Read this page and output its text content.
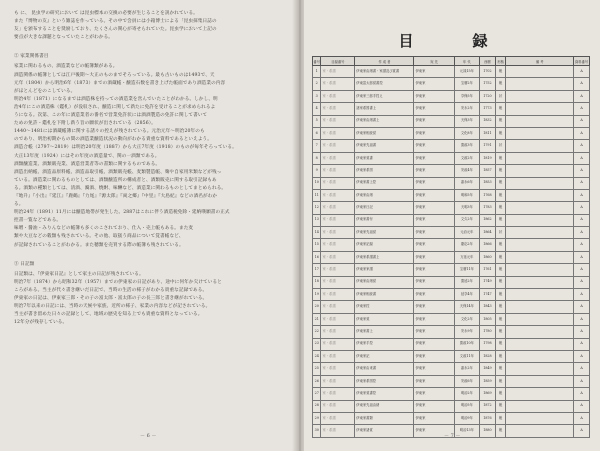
も に、 昆虫学の研究において は昆虫標本の交換の必要が生じることを説かれている。
また『博物の友』という雑誌を作っている。その中で会員には小箱博士による「昆虫採集日誌の
友」を頒布することを奨励しており、たくさんの関心が寄せられていた。昆虫学において上記の
要点が大きな課題となっていたことがわかる。
② 家業関係書目
家業に関わるもの、酒造業などの帳簿類がある。
酒造関係の帳簿としては江戸後期〜大正のものまでそろっている。最も古いものは1493で、天
元年（1804）から明治6年（1873）までの酒蔵帳・醸造石数を書き上げた帳面であり酒造業の内容
がほとんどをのこしている。
明治4年（1871）になるまでは酒造株を持っての酒造業を営んでいたことがわかる。しかし、明
治4年にこの酒造株（鑑札）が没収され、醸造に関して新たに免許を受けることが求められるよ
うになる。次第、この年に酒造業者の番名で営業免許状には酒酒製造の免許に関して書いて
ための免許・鑑札を下附し新う旨の願状が出されている（2856）。
1440〜1481には酒蔵帳簿に関する諸々の控えが残されている。元治元年〜明治20年のも
のであり、明治初期からの間の酒造業醸造状況の動向がわかる貴重な資料であるといえよう。
酒造合帳（2797〜2819）は明治20年度（1887）から大正7年度（1918）のものが毎年そろっている。
大正13年度（1924）にはその年度の酒造量で、関の一酒類である。
酒類醸造業、酒類販売業、酒造営業者等の書類に関するものである。
酒造出納帳、酒造品原料帳、酒造品取引帳、酒類販売帳、麦類製造帳、麹や自家用米類などが残っ
ている。酒造業に関わるものとしては、酒類醸造所の構成者と、酒類販売に関する取引記録もあ
る。酒類の種類としては、清酒、濁酒、焼酎、味醂など、酒造業に関わるものとしてまとめられる。
『地升』『小出』『延江』『鹿鶴』『力尾』『源太郎』『両之郷』『中里』『大島紀』などの酒名がわか
る。
明治24年（1891）11月には醸造地帯が発生した。2887はこれに伴う酒造税免除・延納嘆願書の正式
控書一覧などである。
味噌・醤油・みりんなどの帳簿も多くのこされており、仕入・売上帳もある。また麦
類や大豆などの穀類も残されている。その他、取扱う商品について覚書帳など、
が記録されていることがわかる。また穂類を売買する際の帳簿も残されている。
③ 日記類
日記類は、『伊東家日記』として家主の日記が残されている。
明治7年（1874）から昭和32年（1957）までの伊東家の日記があり、途中に何年か欠けていると
ころがある。当主が代々書き継いだ日記で、当時の生活の様子がわかる貴重な記録である。
伊東家の日記は、伊東家三郎・その子の富太郎・富太郎の子の長三郎と書き継がれている。
明治7年以来の日記には、当時の天候や家族、近所の様子、家業の内容などが記されている。
当主が書き留めた日々の記録として、地域の歴史を知る上でも貴重な資料となっている。
12年分が残存している。
－ 6 －
目　録
番号	目録番号	作 成 者	宛 先	年 代	西暦	形態	備 考	資料番号
1	家・系譜	伊東家由緒書・家譜及び覚書	伊東家	元禄15年	1702	帳		A
2	家・系譜	伊東富太郎覚書控	伊東家	宝暦2年	1752	帳		A
3	家・系譜	伊東家三郎手控え	伊東家	享保5年	1720	状		A
4	家・系譜	諸家系図書上	伊東家	安永2年	1773	帳		A
5	家・系譜	伊東家由緒書上	伊東家	天保3年	1832	帳		A
6	家・系譜	伊東家相続覚	伊東家	文化8年	1811	帳		A
7	家・系譜	伊東家先祖書	伊東家	寛政3年	1791	状		A
8	家・系譜	伊東家覚書	伊東家	文政2年	1819	帳		A
9	家・系譜	伊東家系図	伊東家	安政4年	1857	帳		A
10	家・系譜	伊東家書上控	伊東家	嘉永6年	1853	帳		A
11	家・系譜	伊東家由緒	伊東家	明和5年	1768	帳		A
12	家・系譜	伊東家日記	伊東家	天明3年	1783	帳		A
13	家・系譜	伊東家書付	伊東家	文久2年	1862	帳		A
14	家・系譜	伊東家先祖覚	伊東家	元治元年	1864	状		A
15	家・系譜	伊東家記録	伊東家	慶応2年	1866	帳		A
16	家・系譜	伊東家系譜書上	伊東家	万延元年	1860	帳		A
17	家・系譜	伊東家家譜	伊東家	宝暦11年	1761	帳		A
18	家・系譜	伊東家由緒覚	伊東家	寛延2年	1749	帳		A
19	家・系譜	伊東家相続書	伊東家	延享4年	1747	帳		A
20	家・系譜	伊東家控	伊東家	天保14年	1843	帳		A
21	家・系譜	伊東家覚	伊東家	文化2年	1805	帳		A
22	家・系譜	伊東家書上	伊東家	安永9年	1780	帳		A
23	家・系譜	伊東家手控	伊東家	寛政10年	1798	帳		A
24	家・系譜	伊東家記	伊東家	文政11年	1828	帳		A
25	家・系譜	伊東家由来書	伊東家	嘉永2年	1849	帳		A
26	家・系譜	伊東家系図控	伊東家	安政6年	1859	帳		A
27	家・系譜	伊東家覚書控	伊東家	明治2年	1869	帳		A
28	家・系譜	伊東家先祖由緒	伊東家	明治5年	1872	帳		A
29	家・系譜	伊東家書類	伊東家	明治9年	1876	帳		A
30	家・系譜	伊東家諸覚	伊東家	明治13年	1880	帳		A
－ 7 －
